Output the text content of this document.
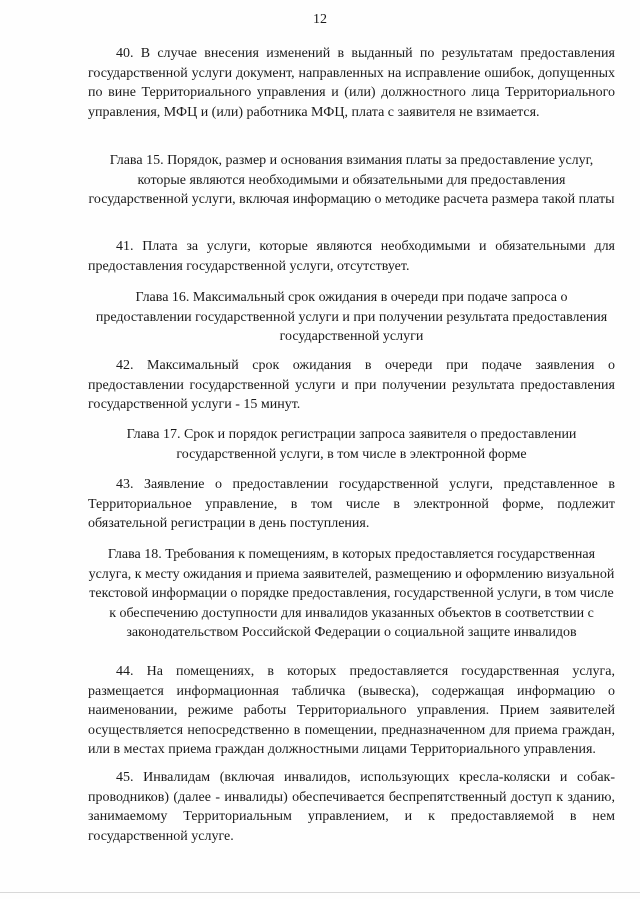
12

40. В случае внесения изменений в выданный по результатам предоставления государственной услуги документ, направленных на исправление ошибок, допущенных по вине Территориального управления и (или) должностного лица Территориального управления, МФЦ и (или) работника МФЦ, плата с заявителя не взимается.

Глава 15. Порядок, размер и основания взимания платы за предоставление услуг, которые являются необходимыми и обязательными для предоставления государственной услуги, включая информацию о методике расчета размера такой платы

41. Плата за услуги, которые являются необходимыми и обязательными для предоставления государственной услуги, отсутствует.

Глава 16. Максимальный срок ожидания в очереди при подаче запроса о предоставлении государственной услуги и при получении результата предоставления государственной услуги

42. Максимальный срок ожидания в очереди при подаче заявления о предоставлении государственной услуги и при получении результата предоставления государственной услуги - 15 минут.

Глава 17. Срок и порядок регистрации запроса заявителя о предоставлении государственной услуги, в том числе в электронной форме

43. Заявление о предоставлении государственной услуги, представленное в Территориальное управление, в том числе в электронной форме, подлежит обязательной регистрации в день поступления.

Глава 18. Требования к помещениям, в которых предоставляется государственная услуга, к месту ожидания и приема заявителей, размещению и оформлению визуальной текстовой информации о порядке предоставления, государственной услуги, в том числе к обеспечению доступности для инвалидов указанных объектов в соответствии с законодательством Российской Федерации о социальной защите инвалидов

44. На помещениях, в которых предоставляется государственная услуга, размещается информационная табличка (вывеска), содержащая информацию о наименовании, режиме работы Территориального управления. Прием заявителей осуществляется непосредственно в помещении, предназначенном для приема граждан, или в местах приема граждан должностными лицами Территориального управления.

45. Инвалидам (включая инвалидов, использующих кресла-коляски и собак-проводников) (далее - инвалиды) обеспечивается беспрепятственный доступ к зданию, занимаемому Территориальным управлением, и к предоставляемой в нем государственной услуге.
